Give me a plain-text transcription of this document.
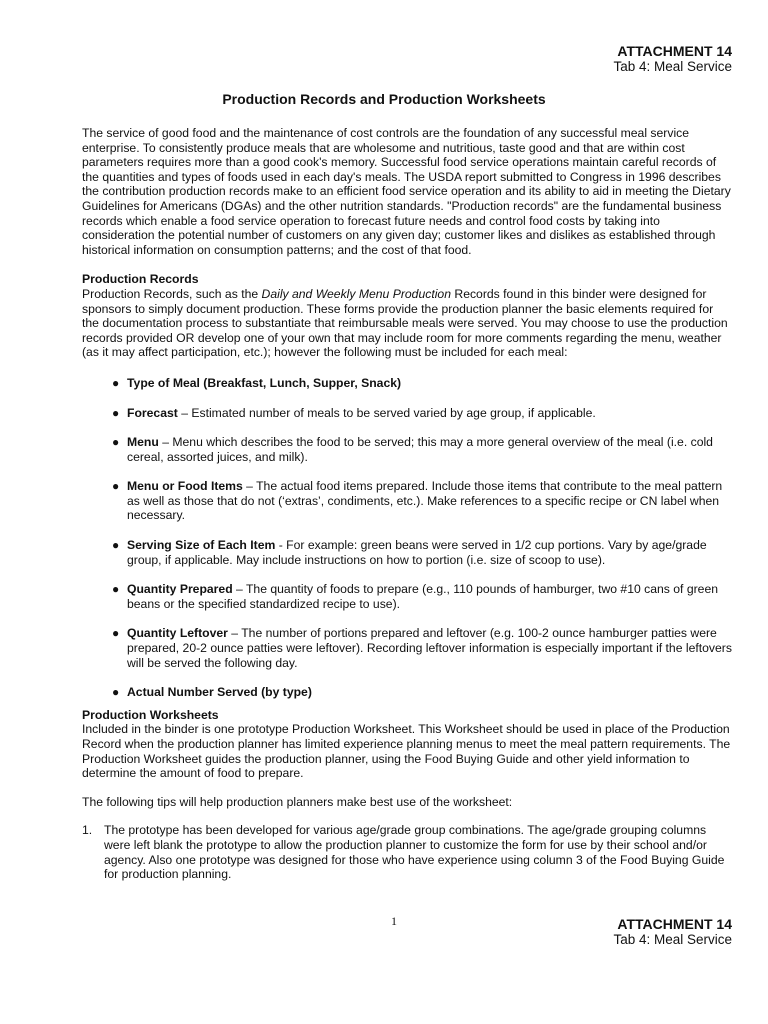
ATTACHMENT 14
Tab 4: Meal Service
Production Records and Production Worksheets

The service of good food and the maintenance of cost controls are the foundation of any successful meal service enterprise. To consistently produce meals that are wholesome and nutritious, taste good and that are within cost parameters requires more than a good cook's memory. Successful food service operations maintain careful records of the quantities and types of foods used in each day's meals. The USDA report submitted to Congress in 1996 describes the contribution production records make to an efficient food service operation and its ability to aid in meeting the Dietary Guidelines for Americans (DGAs) and the other nutrition standards. "Production records" are the fundamental business records which enable a food service operation to forecast future needs and control food costs by taking into consideration the potential number of customers on any given day; customer likes and dislikes as established through historical information on consumption patterns; and the cost of that food.

Production Records

Production Records, such as the Daily and Weekly Menu Production Records found in this binder were designed for sponsors to simply document production. These forms provide the production planner the basic elements required for the documentation process to substantiate that reimbursable meals were served. You may choose to use the production records provided OR develop one of your own that may include room for more comments regarding the menu, weather (as it may affect participation, etc.); however the following must be included for each meal:

● Type of Meal (Breakfast, Lunch, Supper, Snack)
● Forecast – Estimated number of meals to be served varied by age group, if applicable.
● Menu – Menu which describes the food to be served; this may a more general overview of the meal (i.e. cold cereal, assorted juices, and milk).
● Menu or Food Items – The actual food items prepared. Include those items that contribute to the meal pattern as well as those that do not (‘extras’, condiments, etc.). Make references to a specific recipe or CN label when necessary.
● Serving Size of Each Item - For example: green beans were served in 1/2 cup portions. Vary by age/grade group, if applicable. May include instructions on how to portion (i.e. size of scoop to use).
● Quantity Prepared – The quantity of foods to prepare (e.g., 110 pounds of hamburger, two #10 cans of green beans or the specified standardized recipe to use).
● Quantity Leftover – The number of portions prepared and leftover (e.g. 100-2 ounce hamburger patties were prepared, 20-2 ounce patties were leftover). Recording leftover information is especially important if the leftovers will be served the following day.
● Actual Number Served (by type)

Production Worksheets

Included in the binder is one prototype Production Worksheet. This Worksheet should be used in place of the Production Record when the production planner has limited experience planning menus to meet the meal pattern requirements. The Production Worksheet guides the production planner, using the Food Buying Guide and other yield information to determine the amount of food to prepare.

The following tips will help production planners make best use of the worksheet:

1. The prototype has been developed for various age/grade group combinations. The age/grade grouping columns were left blank the prototype to allow the production planner to customize the form for use by their school and/or agency. Also one prototype was designed for those who have experience using column 3 of the Food Buying Guide for production planning.
1	ATTACHMENT 14
Tab 4: Meal Service
